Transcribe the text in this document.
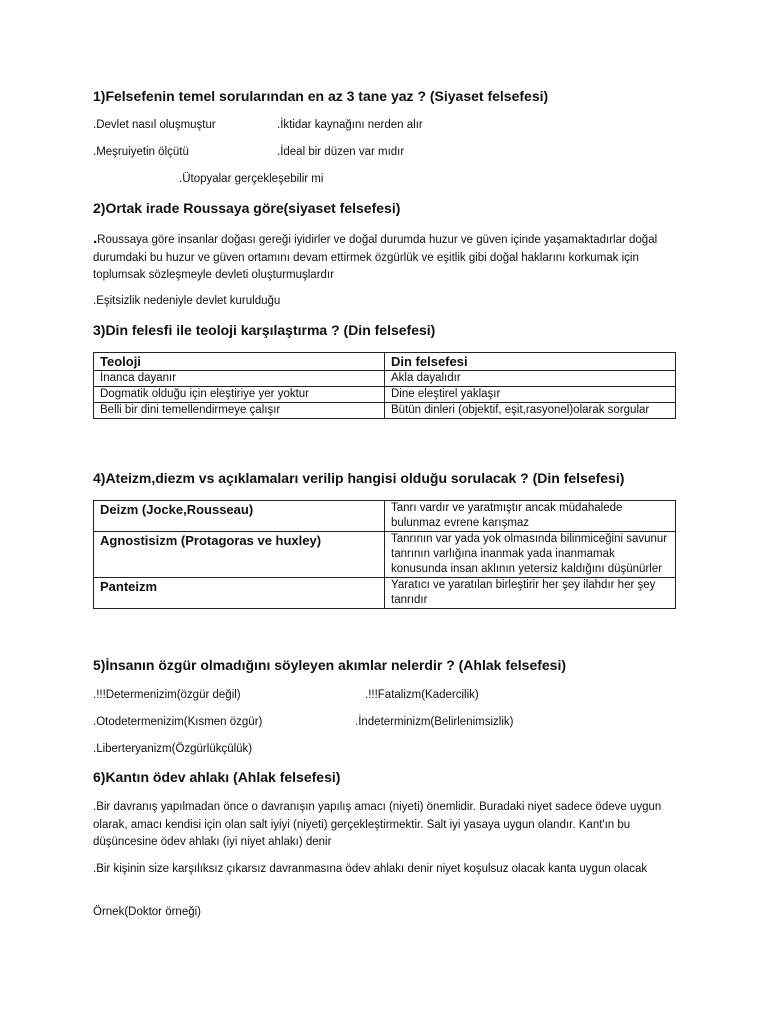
1)Felsefenin temel sorularından en az 3 tane yaz ? (Siyaset felsefesi)

.Devlet nasıl oluşmuştur	.İktidar kaynağını nerden alır

.Meşruiyetin ölçütü	.İdeal bir düzen var mıdır

.Ütopyalar gerçekleşebilir mi

2)Ortak irade Roussaya göre(siyaset felsefesi)

.Roussaya göre insanlar doğası gereği iyidirler ve doğal durumda huzur ve güven içinde yaşamaktadırlar doğal durumdaki bu huzur ve güven ortamını devam ettirmek özgürlük ve eşitlik gibi doğal haklarını korkumak için toplumsak sözleşmeyle devleti oluşturmuşlardır

.Eşitsizlik nedeniyle devlet kurulduğu

3)Din felesfi ile teoloji karşılaştırma ? (Din felsefesi)
Teoloji	Din felsefesi
İnanca dayanır	Akla dayalıdır
Dogmatik olduğu için eleştiriye yer yoktur	Dine eleştirel yaklaşır
Belli bir dini temellendirmeye çalışır	Bütün dinleri (objektif, eşit,rasyonel)olarak sorgular
4)Ateizm,diezm vs açıklamaları verilip hangisi olduğu sorulacak ? (Din felsefesi)
Deizm (Jocke,Rousseau)	Tanrı vardır ve yaratmıştır ancak müdahalede bulunmaz evrene karışmaz
Agnostisizm (Protagoras ve huxley)	Tanrının var yada yok olmasında bilinmiceğini savunur tanrının varlığına inanmak yada inanmamak konusunda insan aklının yetersiz kaldığını düşünürler
Panteizm	Yaratıcı ve yaratılan birleştirir her şey ilahdır her şey tanrıdır
5)İnsanın özgür olmadığını söyleyen akımlar nelerdir ? (Ahlak felsefesi)

.!!!Determenizim(özgür değil)	.!!!Fatalizm(Kadercilik)

.Otodetermenizim(Kısmen özgür)	.İndeterminizm(Belirlenimsizlik)

.Liberteryanizm(Özgürlükçülük)

6)Kantın ödev ahlakı (Ahlak felsefesi)

.Bir davranış yapılmadan önce o davranışın yapılış amacı (niyeti) önemlidir. Buradaki niyet sadece ödeve uygun olarak, amacı kendisi için olan salt iyiyi (niyeti) gerçekleştirmektir. Salt iyi yasaya uygun olandır. Kant'ın bu düşüncesine ödev ahlakı (iyi niyet ahlakı) denir

.Bir kişinin size karşılıksız çıkarsız davranmasına ödev ahlakı denir niyet koşulsuz olacak kanta uygun olacak

Örnek(Doktor örneği)
